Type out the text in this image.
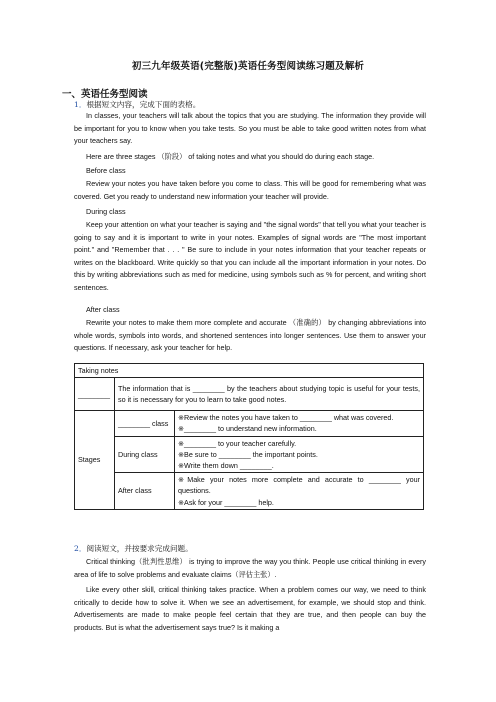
初三九年级英语(完整版)英语任务型阅读练习题及解析
一、英语任务型阅读
1．根据短文内容，完成下面的表格。
In classes, your teachers will talk about the topics that you are studying. The information they provide will be important for you to know when you take tests. So you must be able to take good written notes from what your teachers say.
Here are three stages （阶段） of taking notes and what you should do during each stage.
Before class
Review your notes you have taken before you come to class. This will be good for remembering what was covered. Get you ready to understand new information your teacher will provide.
During class
Keep your attention on what your teacher is saying and "the signal words" that tell you what your teacher is going to say and it is important to write in your notes. Examples of signal words are "The most important point." and "Remember that . . . " Be sure to include in your notes information that your teacher repeats or writes on the blackboard. Write quickly so that you can include all the important information in your notes. Do this by writing abbreviations such as med for medicine, using symbols such as % for percent, and writing short sentences.
After class
Rewrite your notes to make them more complete and accurate （准确的） by changing abbreviations into whole words, symbols into words, and shortened sentences into longer sentences. Use them to answer your questions. If necessary, ask your teacher for help.
Taking notes		
________	The information that is ________ by the teachers about studying topic is useful for your tests, so it is necessary for you to learn to take good notes.	
Stages	________ class	※Review the notes you have taken to ________ what was covered.
※________ to understand new information.

	During class	※________ to your teacher carefully.
※Be sure to ________ the important points.
※Write them down ________.

	After class	※Make your notes more complete and accurate to ________ your questions.
※Ask for your ________ help.
2．阅读短文，并按要求完成问题。
Critical thinking（批判性思维） is trying to improve the way you think. People use critical thinking in every area of life to solve problems and evaluate claims（评估主张）.
Like every other skill, critical thinking takes practice. When a problem comes our way, we need to think critically to decide how to solve it. When we see an advertisement, for example, we should stop and think. Advertisements are made to make people feel certain that they are true, and then people can buy the products. But is what the advertisement says true? Is it making a
